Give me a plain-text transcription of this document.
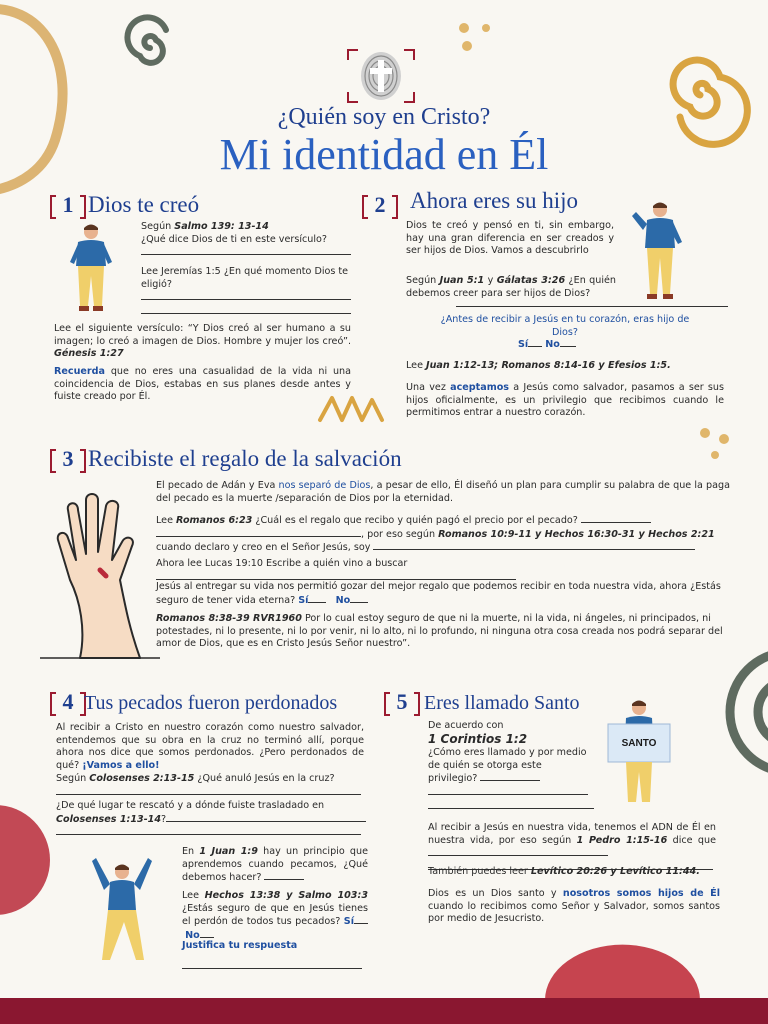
¿Quién soy en Cristo?
Mi identidad en Él
1 Dios te creó
Según Salmo 139: 13-14
¿Qué dice Dios de ti en este versículo?

Lee Jeremías 1:5 ¿En qué momento Dios te eligió?

Lee el siguiente versículo: “Y Dios creó al ser humano a su imagen; lo creó a imagen de Dios. Hombre y mujer los creó”. Génesis 1:27
Recuerda que no eres una casualidad de la vida ni una coincidencia de Dios, estabas en sus planes desde antes y fuiste creado por Él.
2 Ahora eres su hijo
Dios te creó y pensó en ti, sin embargo, hay una gran diferencia en ser creados y ser hijos de Dios. Vamos a descubrirlo
Según Juan 5:1 y Gálatas 3:26 ¿En quién debemos creer para ser hijos de Dios?
¿Antes de recibir a Jesús en tu corazón, eras hijo de Dios?
Sí No
Lee Juan 1:12-13; Romanos 8:14-16 y Efesios 1:5.
Una vez aceptamos a Jesús como salvador, pasamos a ser sus hijos oficialmente, es un privilegio que recibimos cuando le permitimos entrar a nuestro corazón.
3 Recibiste el regalo de la salvación
El pecado de Adán y Eva nos separó de Dios, a pesar de ello, Él diseñó un plan para cumplir su palabra de que la paga del pecado es la muerte /separación de Dios por la eternidad.
Lee Romanos 6:23 ¿Cuál es el regalo que recibo y quién pagó el precio por el pecado?
, por eso según Romanos 10:9-11 y Hechos 16:30-31 y Hechos 2:21
cuando declaro y creo en el Señor Jesús, soy
Ahora lee Lucas 19:10 Escribe a quién vino a buscar
Jesús al entregar su vida nos permitió gozar del mejor regalo que podemos recibir en toda nuestra vida, ahora ¿Estás seguro de tener vida eterna? Sí	No
Romanos 8:38-39 RVR1960 Por lo cual estoy seguro de que ni la muerte, ni la vida, ni ángeles, ni principados, ni potestades, ni lo presente, ni lo por venir, ni lo alto, ni lo profundo, ni ninguna otra cosa creada nos podrá separar del amor de Dios, que es en Cristo Jesús Señor nuestro”.
4 Tus pecados fueron perdonados
Al recibir a Cristo en nuestro corazón como nuestro salvador, entendemos que su obra en la cruz no terminó allí, porque ahora nos dice que somos perdonados. ¿Pero perdonados de qué? ¡Vamos a ello!
Según Colosenses 2:13-15 ¿Qué anuló Jesús en la cruz?

¿De qué lugar te rescató y a dónde fuiste trasladado en
Colosenses 1:13-14?

En 1 Juan 1:9 hay un principio que aprendemos cuando pecamos, ¿Qué debemos hacer?
Lee Hechos 13:38 y Salmo 103:3 ¿Estás seguro de que en Jesús tienes el perdón de todos tus pecados? Sí  No
Justifica tu respuesta
5 Eres llamado Santo
SANTO
De acuerdo con
1 Corintios 1:2
¿Cómo eres llamado y por medio de quién se otorga este privilegio?

Al recibir a Jesús en nuestra vida, tenemos el ADN de Él en nuestra vida, por eso según 1 Pedro 1:15-16 dice que

También puedes leer Levítico 20:26 y Levítico 11:44.
Dios es un Dios santo y nosotros somos hijos de Él cuando lo recibimos como Señor y Salvador, somos santos por medio de Jesucristo.
